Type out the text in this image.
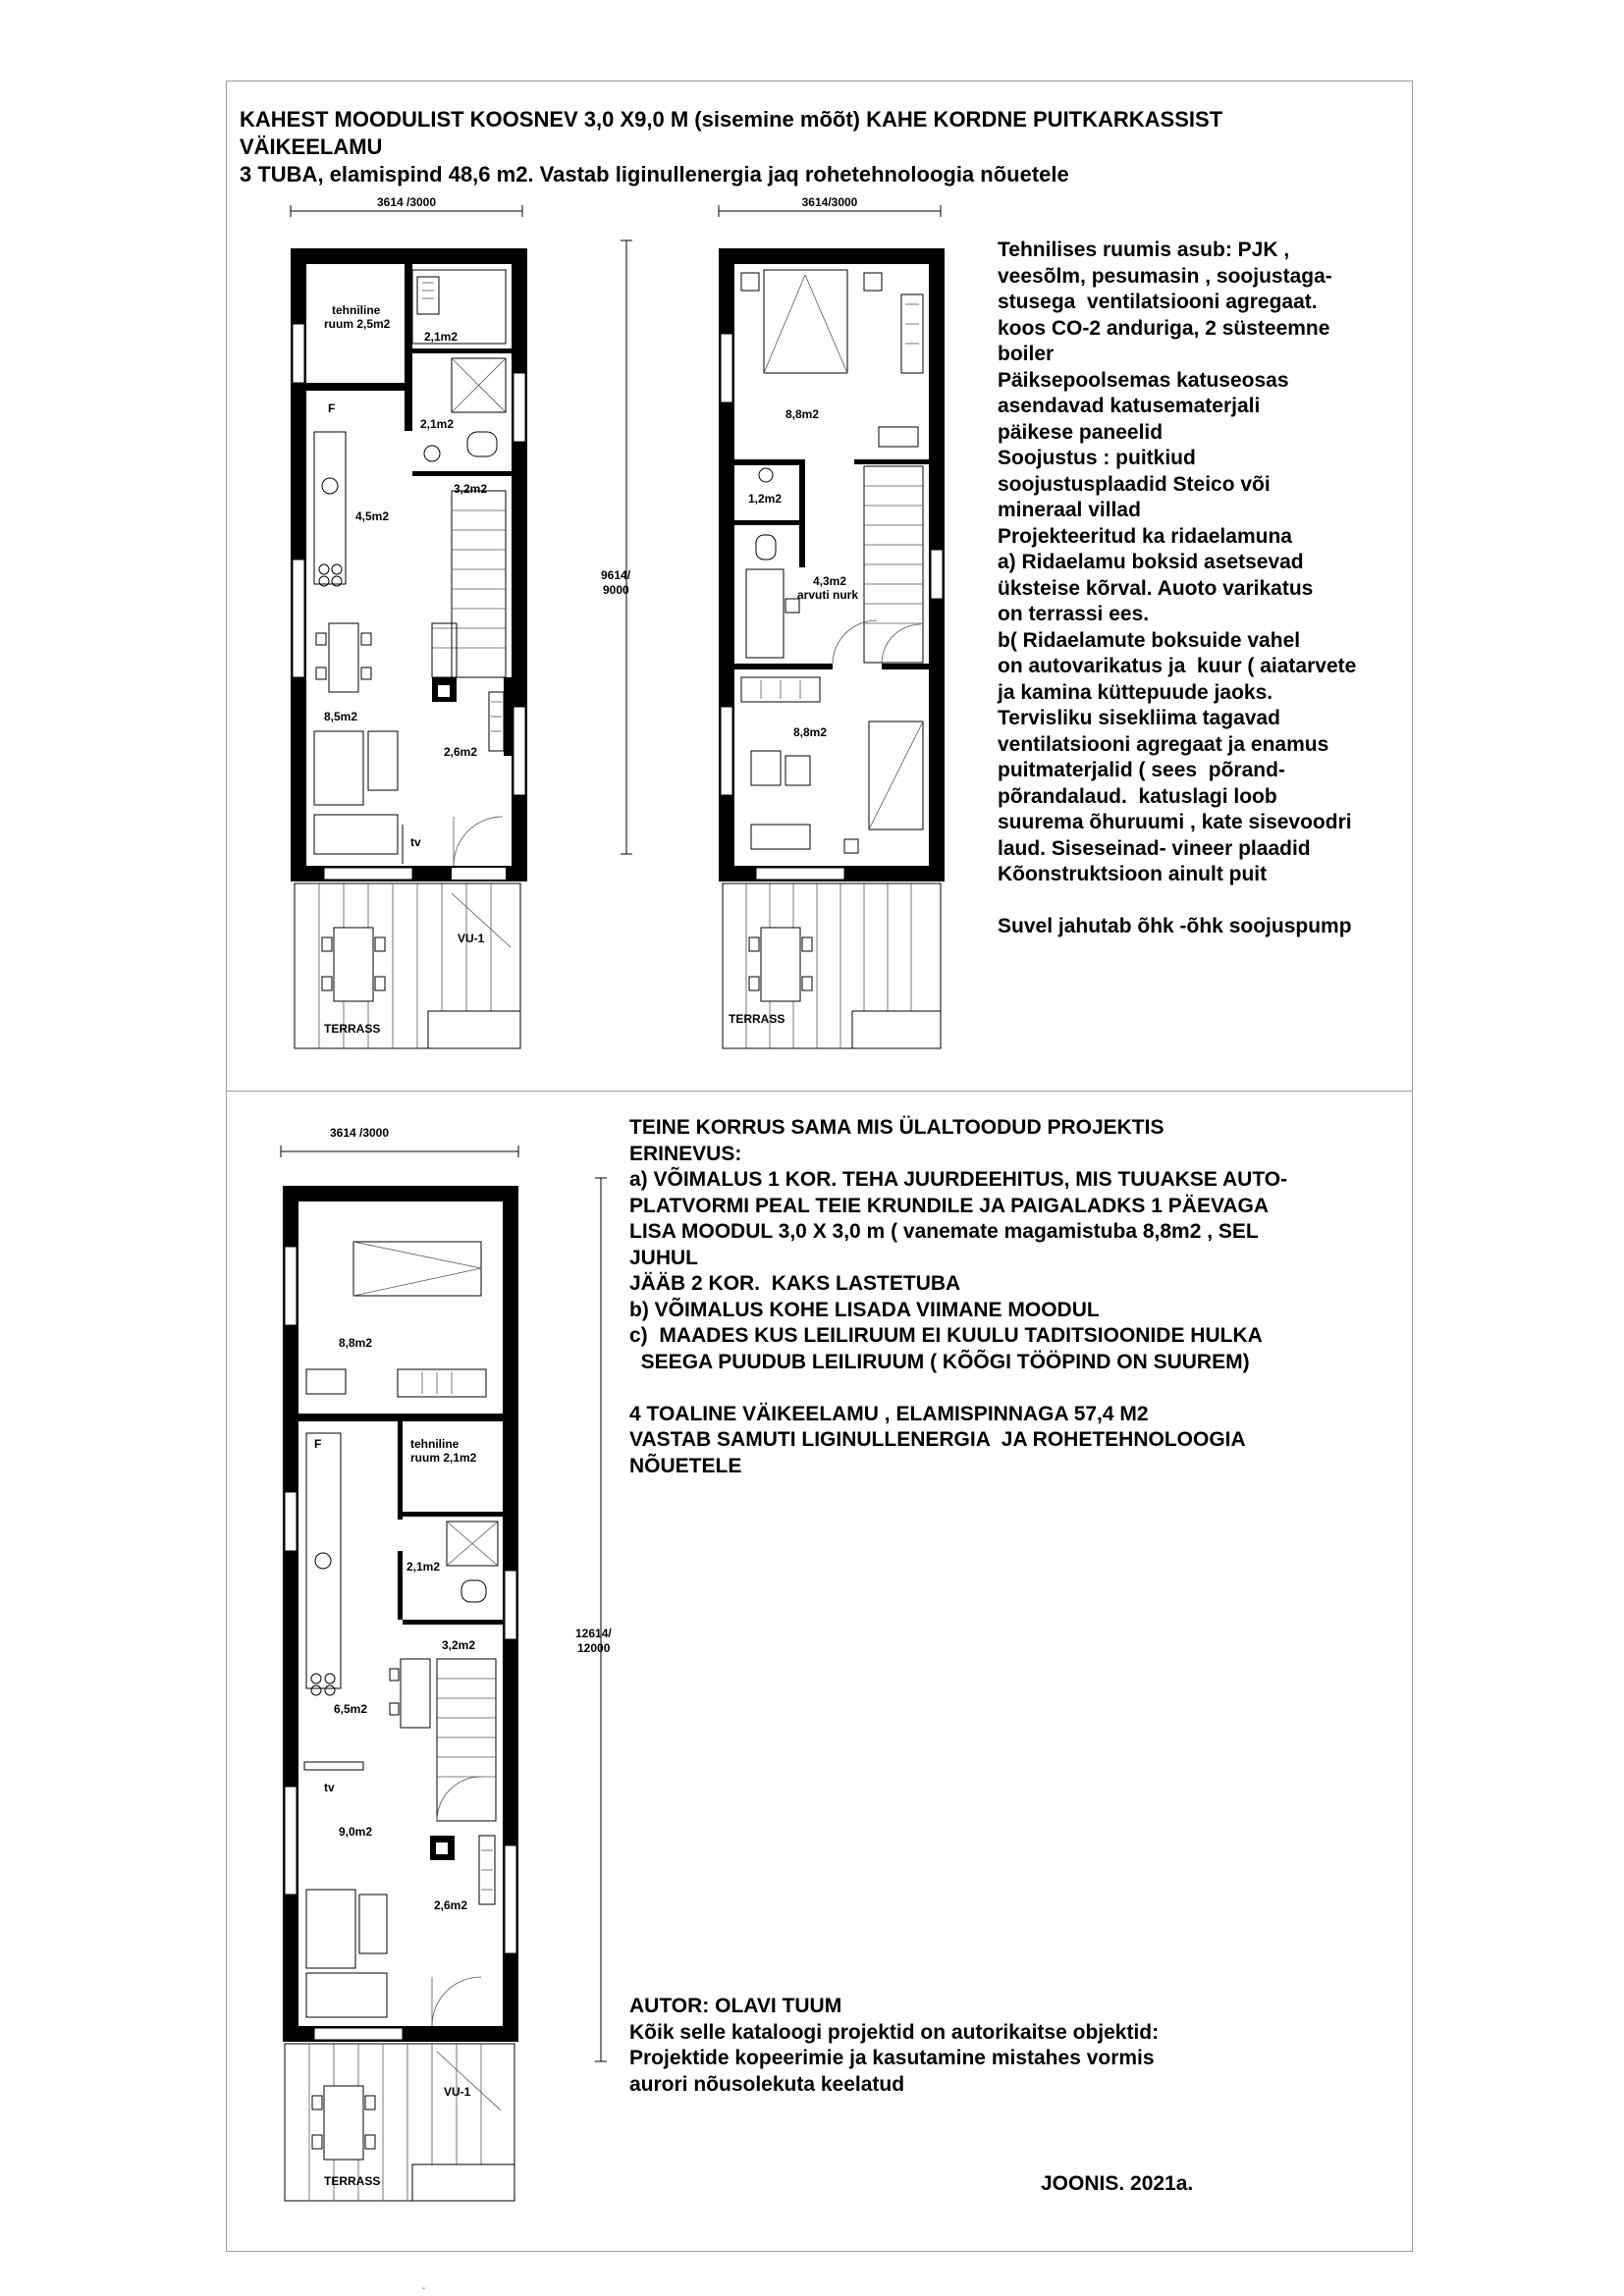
KAHEST MOODULIST KOOSNEV 3,0 X9,0 M (sisemine mõõt) KAHE KORDNE PUITKARKASSIST VÄIKEELAMU
3 TUBA, elamispind 48,6 m2. Vastab liginullenergia jaq rohetehnoloogia nõuetele
3614 /3000
tehniline ruum 2,5m2
2,1m2
2,1m2
F
4,5m2
3,2m2
2,6m2
8,5m2
tv
VU-1
TERRASS
3614/3000
9614/ 9000
8,8m2
1,2m2
4,3m2 arvuti nurk
8,8m2
TERRASS
3614 /3000
12614/ 12000
8,8m2
tehniline ruum 2,1m2
2,1m2
F
6,5m2
3,2m2
tv
9,0m2
2,6m2
VU-1
TERRASS
-
Tehnilises ruumis asub: PJK ,
veesõlm, pesumasin , soojustaga-
stusega  ventilatsiooni agregaat.
koos CO-2 anduriga, 2 süsteemne
boiler
Päiksepoolsemas katuseosas
asendavad katusematerjali
päikese paneelid
Soojustus : puitkiud
soojustusplaadid Steico või
mineraal villad
Projekteeritud ka ridaelamuna
a) Ridaelamu boksid asetsevad
üksteise kõrval. Auoto varikatus
on terrassi ees.
b( Ridaelamute boksuide vahel
on autovarikatus ja  kuur ( aiatarvete
ja kamina küttepuude jaoks.
Tervisliku sisekliima tagavad
ventilatsiooni agregaat ja enamus
puitmaterjalid ( sees  põrand-
põrandalaud.  katuslagi loob
suurema õhuruumi , kate sisevoodri
laud. Siseseinad- vineer plaadid
Kõonstruktsioon ainult puit

Suvel jahutab õhk -õhk soojuspump
TEINE KORRUS SAMA MIS ÜLALTOODUD PROJEKTIS
ERINEVUS:
a) VÕIMALUS 1 KOR. TEHA JUURDEEHITUS, MIS TUUAKSE AUTO-
PLATVORMI PEAL TEIE KRUNDILE JA PAIGALADKS 1 PÄEVAGA
LISA MOODUL 3,0 X 3,0 m ( vanemate magamistuba 8,8m2 , SEL
JUHUL
JÄÄB 2 KOR.  KAKS LASTETUBA
b) VÕIMALUS KOHE LISADA VIIMANE MOODUL
c)  MAADES KUS LEILIRUUM EI KUULU TADITSIOONIDE HULKA
SEEGA PUUDUB LEILIRUUM ( KÕÕGI TÖÖPIND ON SUUREM)

4 TOALINE VÄIKEELAMU , ELAMISPINNAGA 57,4 M2
VASTAB SAMUTI LIGINULLENERGIA  JA ROHETEHNOLOOGIA
NÕUETELE
AUTOR: OLAVI TUUM
Kõik selle kataloogi projektid on autorikaitse objektid:
Projektide kopeerimie ja kasutamine mistahes vormis
aurori nõusolekuta keelatud
JOONIS. 2021a.
